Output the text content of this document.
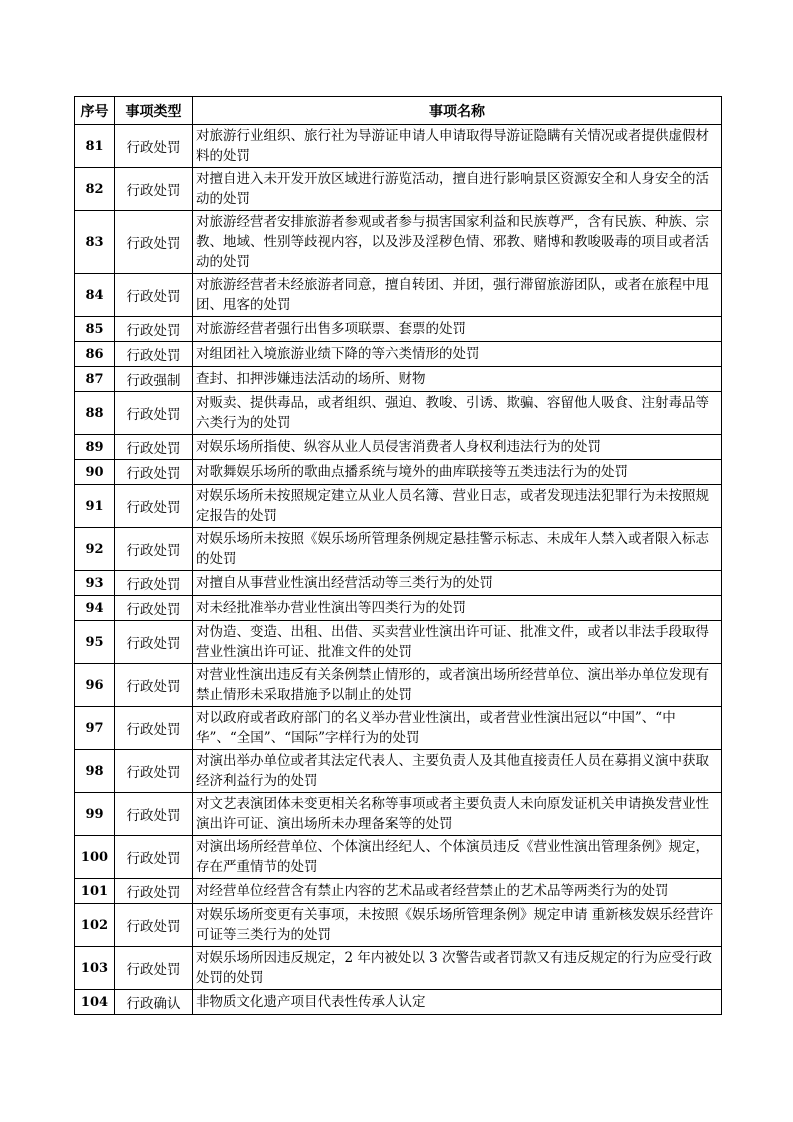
序号	事项类型	事项名称
81	行政处罚	对旅游行业组织、旅行社为导游证申请人申请取得导游证隐瞒有关情况或者提供虚假材料的处罚
82	行政处罚	对擅自进入未开发开放区域进行游览活动，擅自进行影响景区资源安全和人身安全的活动的处罚
83	行政处罚	对旅游经营者安排旅游者参观或者参与损害国家利益和民族尊严，含有民族、种族、宗教、地域、性别等歧视内容，以及涉及淫秽色情、邪教、赌博和教唆吸毒的项目或者活动的处罚
84	行政处罚	对旅游经营者未经旅游者同意，擅自转团、并团，强行滞留旅游团队，或者在旅程中甩团、甩客的处罚
85	行政处罚	对旅游经营者强行出售多项联票、套票的处罚
86	行政处罚	对组团社入境旅游业绩下降的等六类情形的处罚
87	行政强制	查封、扣押涉嫌违法活动的场所、财物
88	行政处罚	对贩卖、提供毒品，或者组织、强迫、教唆、引诱、欺骗、容留他人吸食、注射毒品等六类行为的处罚
89	行政处罚	对娱乐场所指使、纵容从业人员侵害消费者人身权利违法行为的处罚
90	行政处罚	对歌舞娱乐场所的歌曲点播系统与境外的曲库联接等五类违法行为的处罚
91	行政处罚	对娱乐场所未按照规定建立从业人员名簿、营业日志，或者发现违法犯罪行为未按照规定报告的处罚
92	行政处罚	对娱乐场所未按照《娱乐场所管理条例规定悬挂警示标志、未成年人禁入或者限入标志的处罚
93	行政处罚	对擅自从事营业性演出经营活动等三类行为的处罚
94	行政处罚	对未经批准举办营业性演出等四类行为的处罚
95	行政处罚	对伪造、变造、出租、出借、买卖营业性演出许可证、批准文件，或者以非法手段取得营业性演出许可证、批准文件的处罚
96	行政处罚	对营业性演出违反有关条例禁止情形的，或者演出场所经营单位、演出举办单位发现有禁止情形未采取措施予以制止的处罚
97	行政处罚	对以政府或者政府部门的名义举办营业性演出，或者营业性演出冠以“中国”、“中华”、“全国”、“国际”字样行为的处罚
98	行政处罚	对演出举办单位或者其法定代表人、主要负责人及其他直接责任人员在募捐义演中获取经济利益行为的处罚
99	行政处罚	对文艺表演团体未变更相关名称等事项或者主要负责人未向原发证机关申请换发营业性演出许可证、演出场所未办理备案等的处罚
100	行政处罚	对演出场所经营单位、个体演出经纪人、个体演员违反《营业性演出管理条例》规定，存在严重情节的处罚
101	行政处罚	对经营单位经营含有禁止内容的艺术品或者经营禁止的艺术品等两类行为的处罚
102	行政处罚	对娱乐场所变更有关事项，未按照《娱乐场所管理条例》规定申请 重新核发娱乐经营许可证等三类行为的处罚
103	行政处罚	对娱乐场所因违反规定，2 年内被处以 3 次警告或者罚款又有违反规定的行为应受行政处罚的处罚
104	行政确认	非物质文化遗产项目代表性传承人认定
